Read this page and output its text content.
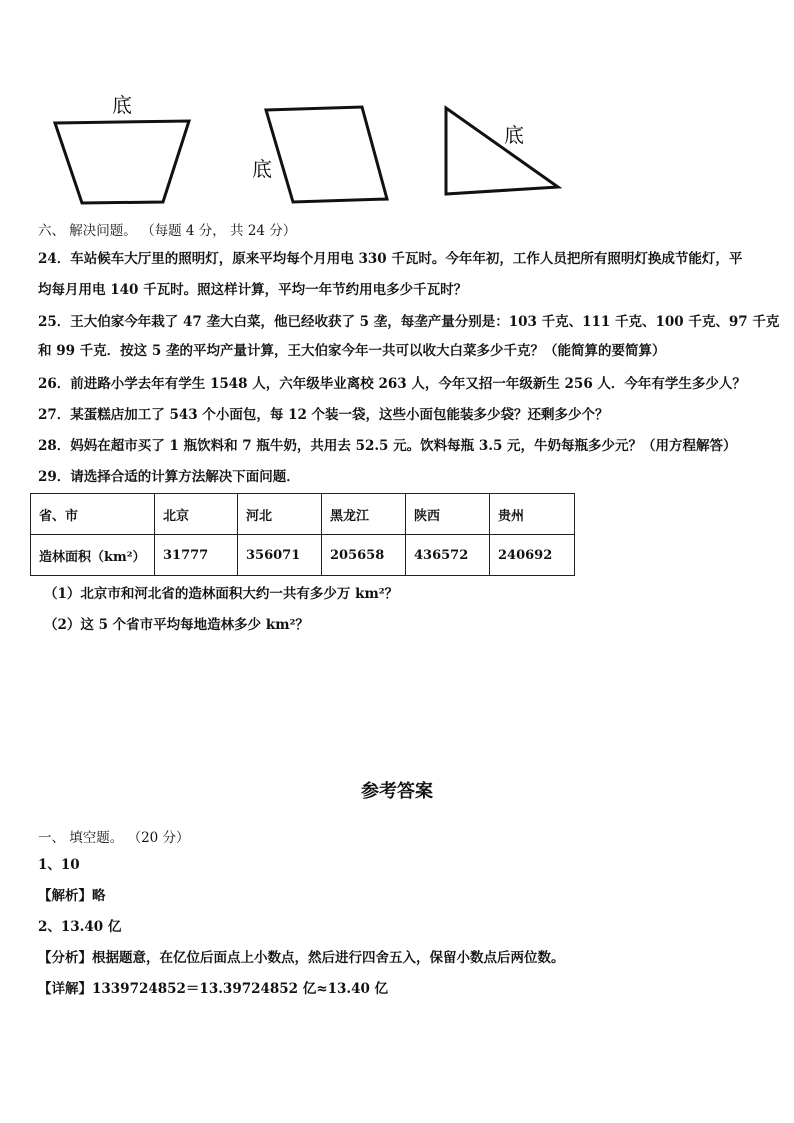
底
底
底
六、 解决问题。 （每题 4 分， 共 24 分）
24．车站候车大厅里的照明灯，原来平均每个月用电 330 千瓦时。今年年初，工作人员把所有照明灯换成节能灯，平
均每月用电 140 千瓦时。照这样计算，平均一年节约用电多少千瓦时？
25．王大伯家今年栽了 47 垄大白菜，他已经收获了 5 垄，每垄产量分别是：103 千克、111 千克、100 千克、97 千克
和 99 千克．按这 5 垄的平均产量计算，王大伯家今年一共可以收大白菜多少千克？（能简算的要简算）
26．前进路小学去年有学生 1548 人，六年级毕业离校 263 人，今年又招一年级新生 256 人．今年有学生多少人？
27．某蛋糕店加工了 543 个小面包，每 12 个装一袋，这些小面包能装多少袋？还剩多少个？
28．妈妈在超市买了 1 瓶饮料和 7 瓶牛奶，共用去 52.5 元。饮料每瓶 3.5 元，牛奶每瓶多少元？（用方程解答）
29．请选择合适的计算方法解决下面问题．
省、市	北京	河北	黑龙江	陕西	贵州
造林面积（km²）	31777	356071	205658	436572	240692
（1）北京市和河北省的造林面积大约一共有多少万 km²？
（2）这 5 个省市平均每地造林多少 km²？
参考答案
一、 填空题。 （20 分）
1、10
【解析】略
2、13.40 亿
【分析】根据题意，在亿位后面点上小数点，然后进行四舍五入，保留小数点后两位数。
【详解】1339724852＝13.39724852 亿≈13.40 亿
